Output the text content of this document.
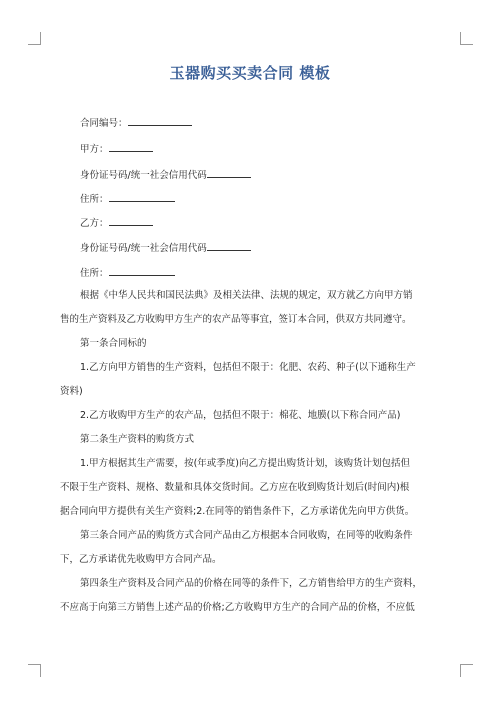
玉器购买买卖合同 模板
合同编号：
甲方：
身份证号码/统一社会信用代码
住所：
乙方：
身份证号码/统一社会信用代码
住所：
根据《中华人民共和国民法典》及相关法律、法规的规定，双方就乙方向甲方销
售的生产资料及乙方收购甲方生产的农产品等事宜，签订本合同，供双方共同遵守。
第一条合同标的
1.乙方向甲方销售的生产资料，包括但不限于：化肥、农药、种子(以下通称生产
资料)
2.乙方收购甲方生产的农产品，包括但不限于：棉花、地膜(以下称合同产品)
第二条生产资料的购货方式
1.甲方根据其生产需要，按(年或季度)向乙方提出购货计划，该购货计划包括但
不限于生产资料、规格、数量和具体交货时间。乙方应在收到购货计划后(时间内)根
据合同向甲方提供有关生产资料;2.在同等的销售条件下，乙方承诺优先向甲方供货。
第三条合同产品的购货方式合同产品由乙方根据本合同收购，在同等的收购条件
下，乙方承诺优先收购甲方合同产品。
第四条生产资料及合同产品的价格在同等的条件下，乙方销售给甲方的生产资料，
不应高于向第三方销售上述产品的价格;乙方收购甲方生产的合同产品的价格，不应低
